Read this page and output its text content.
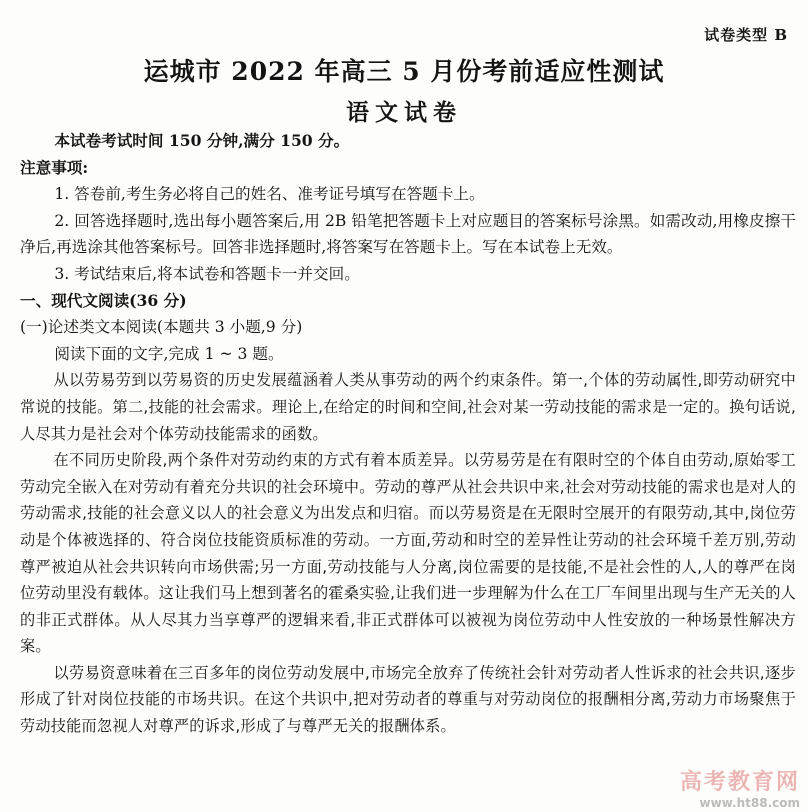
试卷类型 B
运城市 2022 年高三 5 月份考前适应性测试
语文试卷

本试卷考试时间 150 分钟,满分 150 分。

注意事项:

1. 答卷前,考生务必将自己的姓名、准考证号填写在答题卡上。

2. 回答选择题时,选出每小题答案后,用 2B 铅笔把答题卡上对应题目的答案标号涂黑。如需改动,用橡皮擦干净后,再选涂其他答案标号。回答非选择题时,将答案写在答题卡上。写在本试卷上无效。

3. 考试结束后,将本试卷和答题卡一并交回。

一、现代文阅读(36 分)

(一)论述类文本阅读(本题共 3 小题,9 分)

阅读下面的文字,完成 1 ~ 3 题。

从以劳易劳到以劳易资的历史发展蕴涵着人类从事劳动的两个约束条件。第一,个体的劳动属性,即劳动研究中常说的技能。第二,技能的社会需求。理论上,在给定的时间和空间,社会对某一劳动技能的需求是一定的。换句话说,人尽其力是社会对个体劳动技能需求的函数。

在不同历史阶段,两个条件对劳动约束的方式有着本质差异。以劳易劳是在有限时空的个体自由劳动,原始零工劳动完全嵌入在对劳动有着充分共识的社会环境中。劳动的尊严从社会共识中来,社会对劳动技能的需求也是对人的劳动需求,技能的社会意义以人的社会意义为出发点和归宿。而以劳易资是在无限时空展开的有限劳动,其中,岗位劳动是个体被选择的、符合岗位技能资质标准的劳动。一方面,劳动和时空的差异性让劳动的社会环境千差万别,劳动尊严被迫从社会共识转向市场供需;另一方面,劳动技能与人分离,岗位需要的是技能,不是社会性的人,人的尊严在岗位劳动里没有载体。这让我们马上想到著名的霍桑实验,让我们进一步理解为什么在工厂车间里出现与生产无关的人的非正式群体。从人尽其力当享尊严的逻辑来看,非正式群体可以被视为岗位劳动中人性安放的一种场景性解决方案。

以劳易资意味着在三百多年的岗位劳动发展中,市场完全放弃了传统社会针对劳动者人性诉求的社会共识,逐步形成了针对岗位技能的市场共识。在这个共识中,把对劳动者的尊重与对劳动岗位的报酬相分离,劳动力市场聚焦于劳动技能而忽视人对尊严的诉求,形成了与尊严无关的报酬体系。

高考教育网
www.ht88.com
